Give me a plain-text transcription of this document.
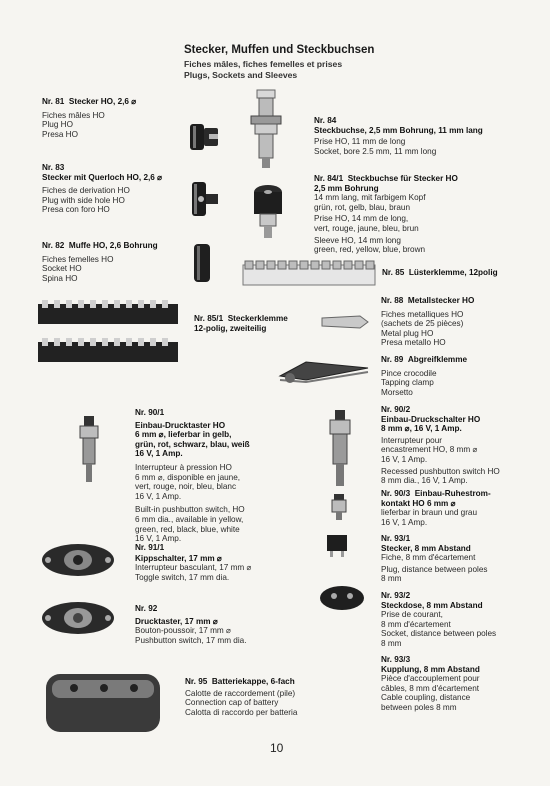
Stecker, Muffen und Steckbuchsen
Fiches mâles, fiches femelles et prises
Plugs, Sockets and Sleeves
Nr. 81 Stecker HO, 2,6 ⌀
Fiches mâles HO
Plug HO
Presa HO
Nr. 83
Stecker mit Querloch HO, 2,6 ⌀
Fiches de derivation HO
Plug with side hole HO
Presa con foro HO
Nr. 82 Muffe HO, 2,6 Bohrung
Fiches femelles HO
Socket HO
Spina HO
Nr. 84
Steckbuchse, 2,5 mm Bohrung, 11 mm lang
Prise HO, 11 mm de long
Socket, bore 2.5 mm, 11 mm long
Nr. 84/1 Steckbuchse für Stecker HO
2,5 mm Bohrung
14 mm lang, mit farbigem Kopf
grün, rot, gelb, blau, braun
Prise HO, 14 mm de long,
vert, rouge, jaune, bleu, brun
Sleeve HO, 14 mm long
green, red, yellow, blue, brown
Nr. 85 Lüsterklemme, 12polig
Nr. 85/1 Steckerklemme
12-polig, zweiteilig
Nr. 88 Metallstecker HO
Fiches metalliques HO
(sachets de 25 pièces)
Metal plug HO
Presa metallo HO
Nr. 89 Abgreifklemme
Pince crocodile
Tapping clamp
Morsetto
Nr. 90/1
Einbau-Drucktaster HO
6 mm ⌀, lieferbar in gelb,
grün, rot, schwarz, blau, weiß
16 V, 1 Amp.
Interrupteur à pression HO
6 mm ⌀, disponible en jaune,
vert, rouge, noir, bleu, blanc
16 V, 1 Amp.
Built-in pushbutton switch, HO
6 mm dia., available in yellow,
green, red, black, blue, white
16 V, 1 Amp.
Nr. 91/1
Kippschalter, 17 mm ⌀
Interrupteur basculant, 17 mm ⌀
Toggle switch, 17 mm dia.
Nr. 92
Drucktaster, 17 mm ⌀
Bouton-poussoir, 17 mm ⌀
Pushbutton switch, 17 mm dia.
Nr. 95 Batteriekappe, 6-fach
Calotte de raccordement (pile)
Connection cap of battery
Calotta di raccordo per batteria
Nr. 90/2
Einbau-Druckschalter HO
8 mm ⌀, 16 V, 1 Amp.
Interrupteur pour
encastrement HO, 8 mm ⌀
16 V, 1 Amp.
Recessed pushbutton switch HO
8 mm dia., 16 V, 1 Amp.
Nr. 90/3 Einbau-Ruhestrom-
kontakt HO 6 mm ⌀
lieferbar in braun und grau
16 V, 1 Amp.
Nr. 93/1
Stecker, 8 mm Abstand
Fiche, 8 mm d'écartement
Plug, distance between poles
8 mm
Nr. 93/2
Steckdose, 8 mm Abstand
Prise de courant,
8 mm d'écartement
Socket, distance between poles
8 mm
Nr. 93/3
Kupplung, 8 mm Abstand
Pièce d'accouplement pour
câbles, 8 mm d'écartement
Cable coupling, distance
between poles 8 mm
10
